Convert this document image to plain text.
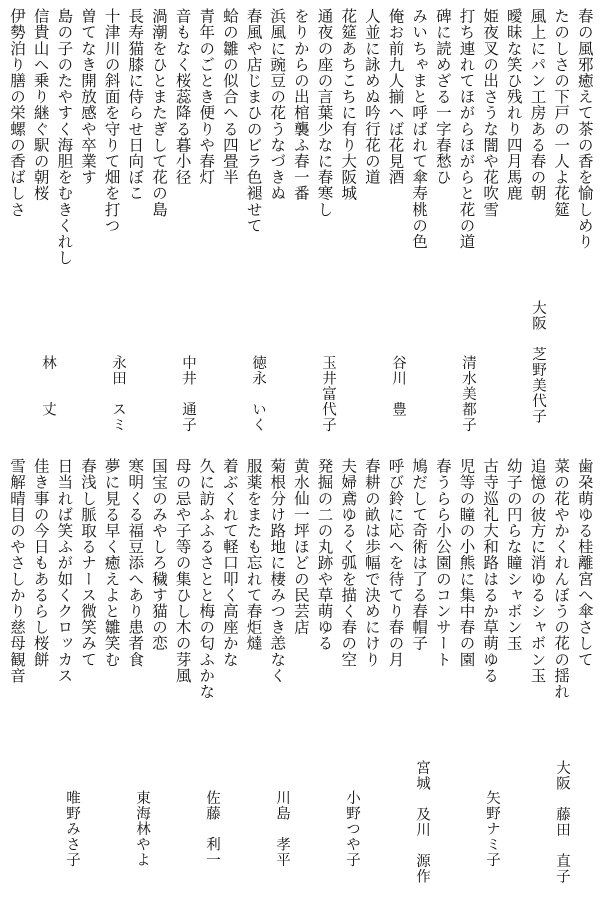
春の風邪癒えて茶の香を愉しめり
たのしさの下戸の一人よ花筵
風上にパン工房ある春の朝
曖昧な笑ひ残れり四月馬鹿
姫夜叉の出さうな闇や花吹雪
打ち連れてほがらほがらと花の道
碑に読めざる一字春愁ひ
みいちゃまと呼ばれて傘寿桃の色
俺お前九人揃へば花見酒
人並に詠めぬ吟行花の道
花筵あちこちに有り大阪城
通夜の座の言葉少なに春寒し
をりからの出棺襲ふ春一番
浜風に豌豆の花うなづきぬ
春風や店じまひのビラ色褪せて
蛤の雛の似合へる四畳半
青年のごとき便りや春灯
音もなく桜蕊降る暮小径
渦潮をひとまたぎして花の島
長寿猫膝に侍らせ日向ぼこ
十津川の斜面を守りて畑を打つ
曽てなき開放感や卒業す
島の子のたやすく海胆をむきくれし
信貴山へ乗り継ぐ駅の朝桜
伊勢泊り膳の栄螺の香ばしさ
大阪　芝野美代子
清水美都子
谷川　豊
玉井富代子
徳永　いく
中井　通子
永田　スミ
林　　丈
歯朶萌ゆる桂離宮へ傘さして
菜の花やかくれんぼうの花の揺れ
追憶の彼方に消ゆるシャボン玉
幼子の円らな瞳シャボン玉
古寺巡礼大和路はるか草萌ゆる
児等の瞳の小熊に集中春の園
春うらら小公園のコンサート
鳩だして奇術は了る春帽子
呼び鈴に応へを待てり春の月
春耕の畝は歩幅で決めにけり
夫婦鳶ゆるく弧を描く春の空
発掘の二の丸跡や草萌ゆる
黄水仙一坪ほどの民芸店
菊根分け路地に棲みつき恙なく
服薬をまたも忘れて春炬燵
着ぶくれて軽口叩く高座かな
久に訪ふふるさとと梅の匂ふかな
母の忌や子等の集ひし木の芽風
国宝のみやしろ穢す猫の恋
寒明くる福豆添へあり患者食
夢に見る早く癒えよと雛笑む
春浅し脈取るナース微笑みて
日当れば笑ふが如くクロッカス
佳き事の今日もあるらし桜餅
雪解晴目のやさしかり慈母観音
大阪　藤田　直子
矢野ナミ子
宮城　及川　源作
小野つや子
川島　孝平
佐藤　利一
東海林やよ
唯野みさ子
